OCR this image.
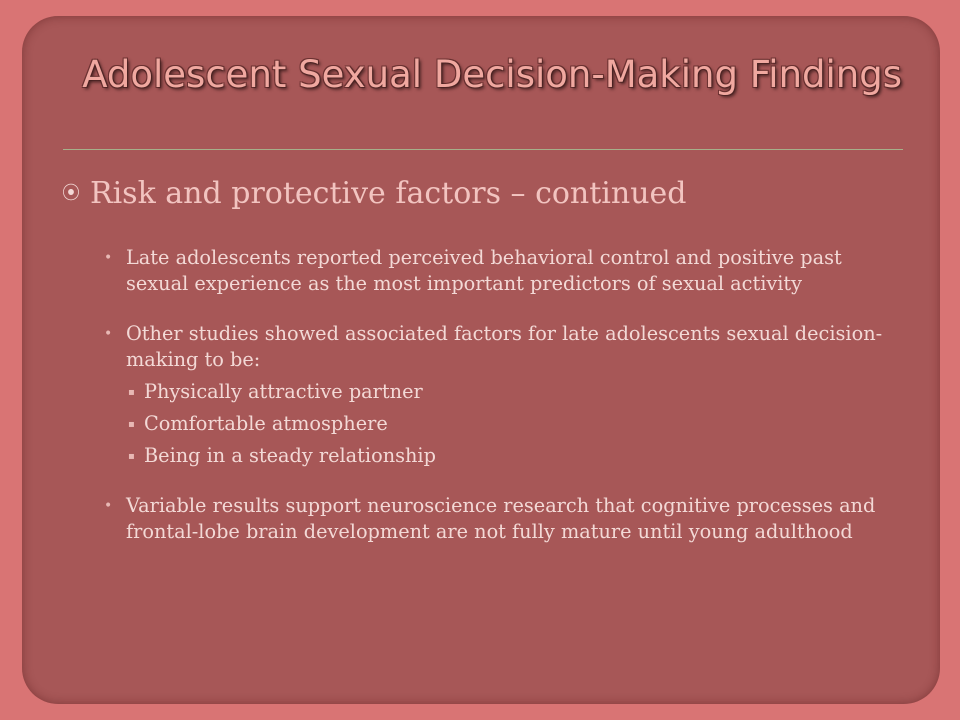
Adolescent Sexual Decision-Making Findings
⦿ Risk and protective factors – continued
• Late adolescents reported perceived behavioral control and positive past sexual experience as the most important predictors of sexual activity
• Other studies showed associated factors for late adolescents sexual decision-making to be:
▪ Physically attractive partner
▪ Comfortable atmosphere
▪ Being in a steady relationship
• Variable results support neuroscience research that cognitive processes and frontal-lobe brain development are not fully mature until young adulthood
